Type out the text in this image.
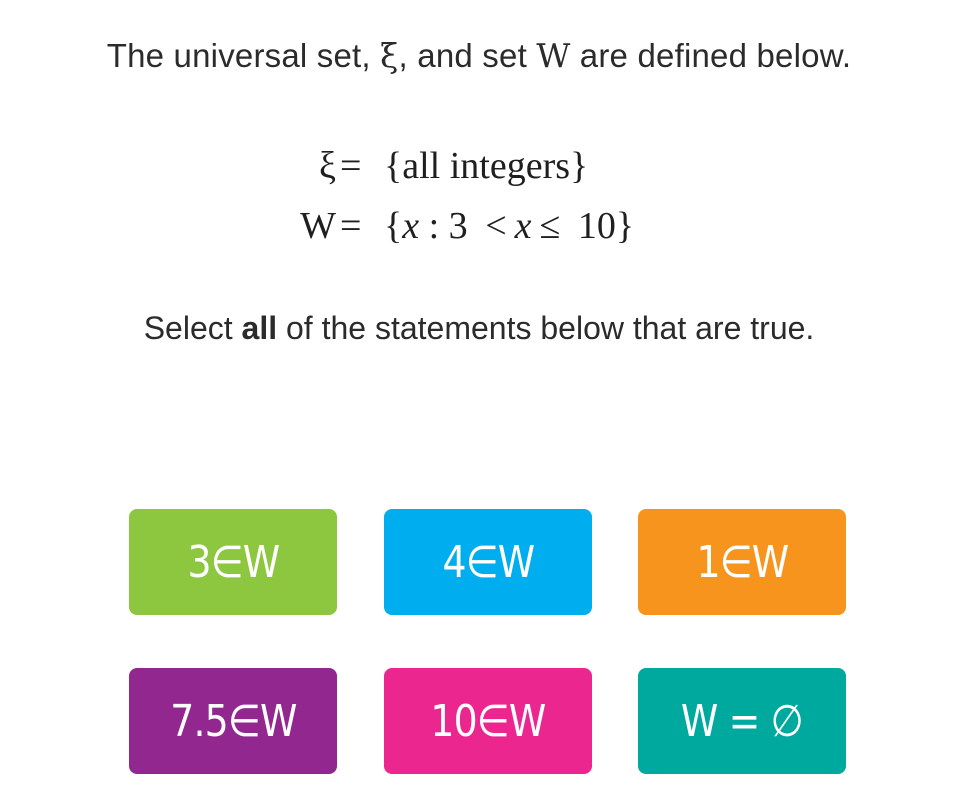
The universal set, ξ, and set W are defined below.
ξ = {all integers}
W = {x : 3 < x ≤ 10}
Select all of the statements below that are true.
3∈W	4∈W	1∈W
7.5∈W	10∈W	W = ∅
